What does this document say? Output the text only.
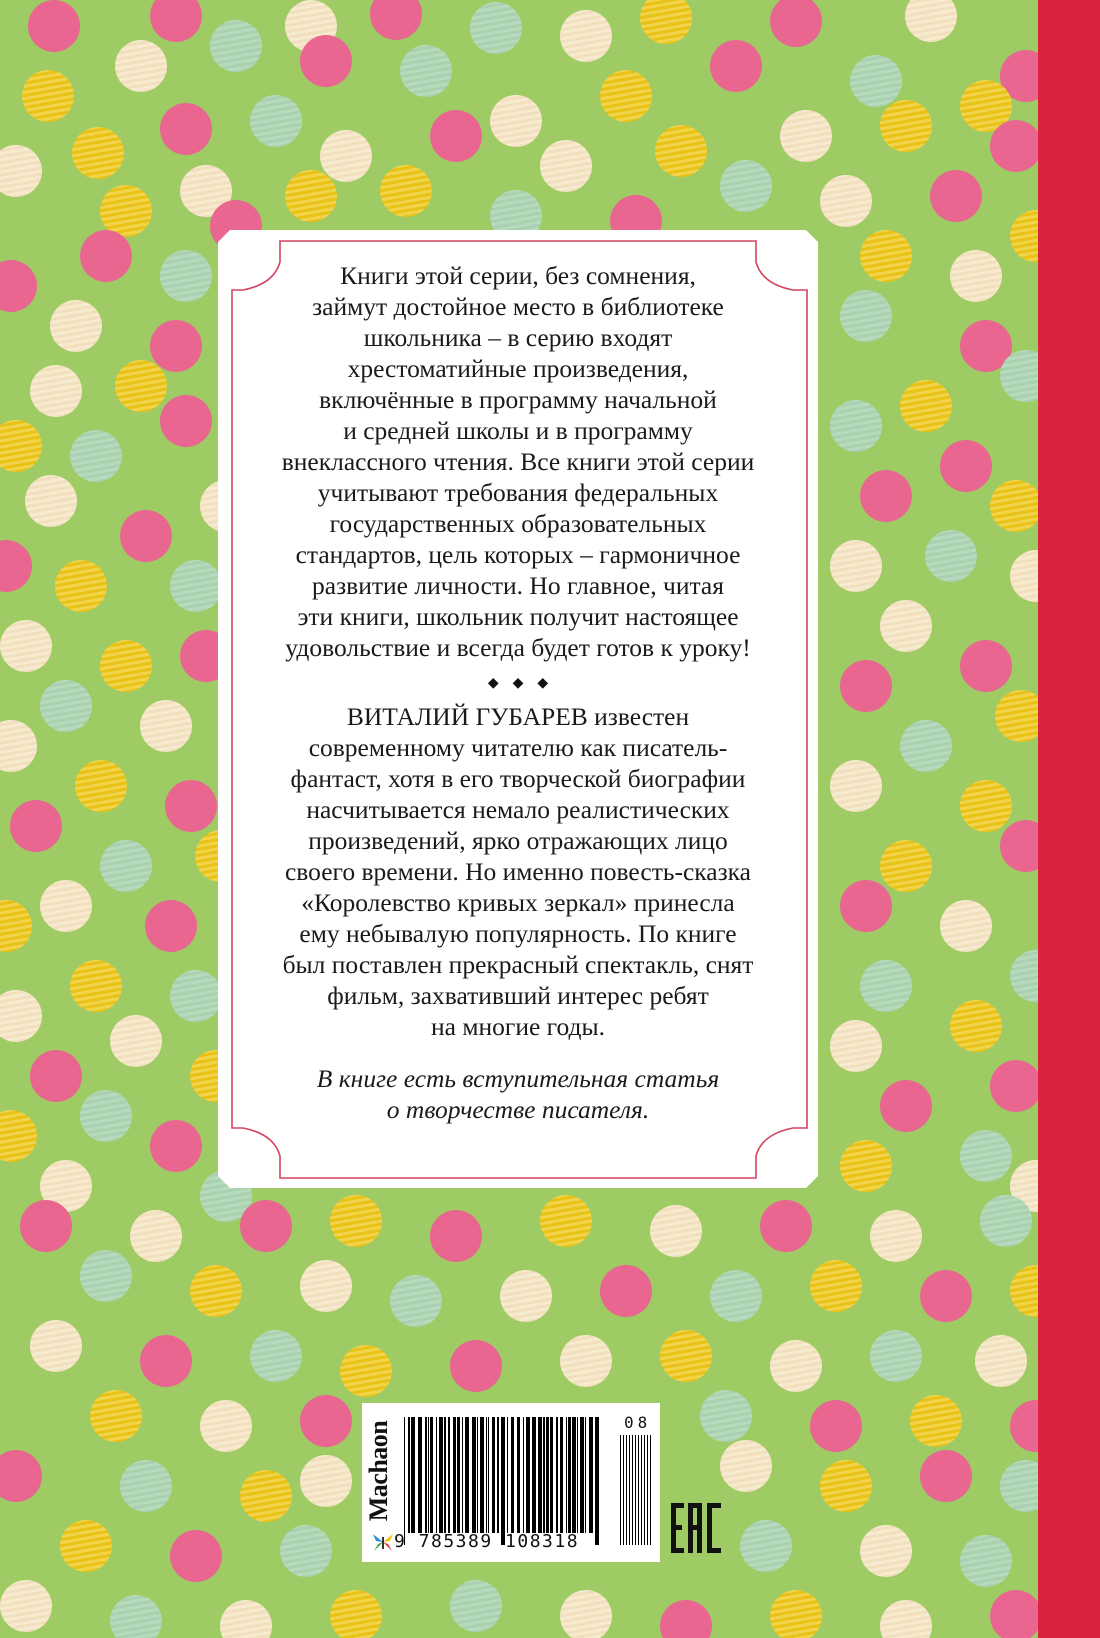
Книги этой серии, без сомнения,
займут достойное место в библиотеке
школьника – в серию входят
хрестоматийные произведения,
включённые в программу начальной
и средней школы и в программу
внеклассного чтения. Все книги этой серии
учитывают требования федеральных
государственных образовательных
стандартов, цель которых – гармоничное
развитие личности. Но главное, читая
эти книги, школьник получит настоящее
удовольствие и всегда будет готов к уроку!

◆ ◆ ◆

ВИТАЛИЙ ГУБАРЕВ известен
современному читателю как писатель-
фантаст, хотя в его творческой биографии
насчитывается немало реалистических
произведений, ярко отражающих лицо
своего времени. Но именно повесть-сказка
«Королевство кривых зеркал» принесла
ему небывалую популярность. По книге
был поставлен прекрасный спектакль, снят
фильм, захвативший интерес ребят
на многие годы.

В книге есть вступительная статья
о творчестве писателя.

Machaon
9 785389 108318
08
